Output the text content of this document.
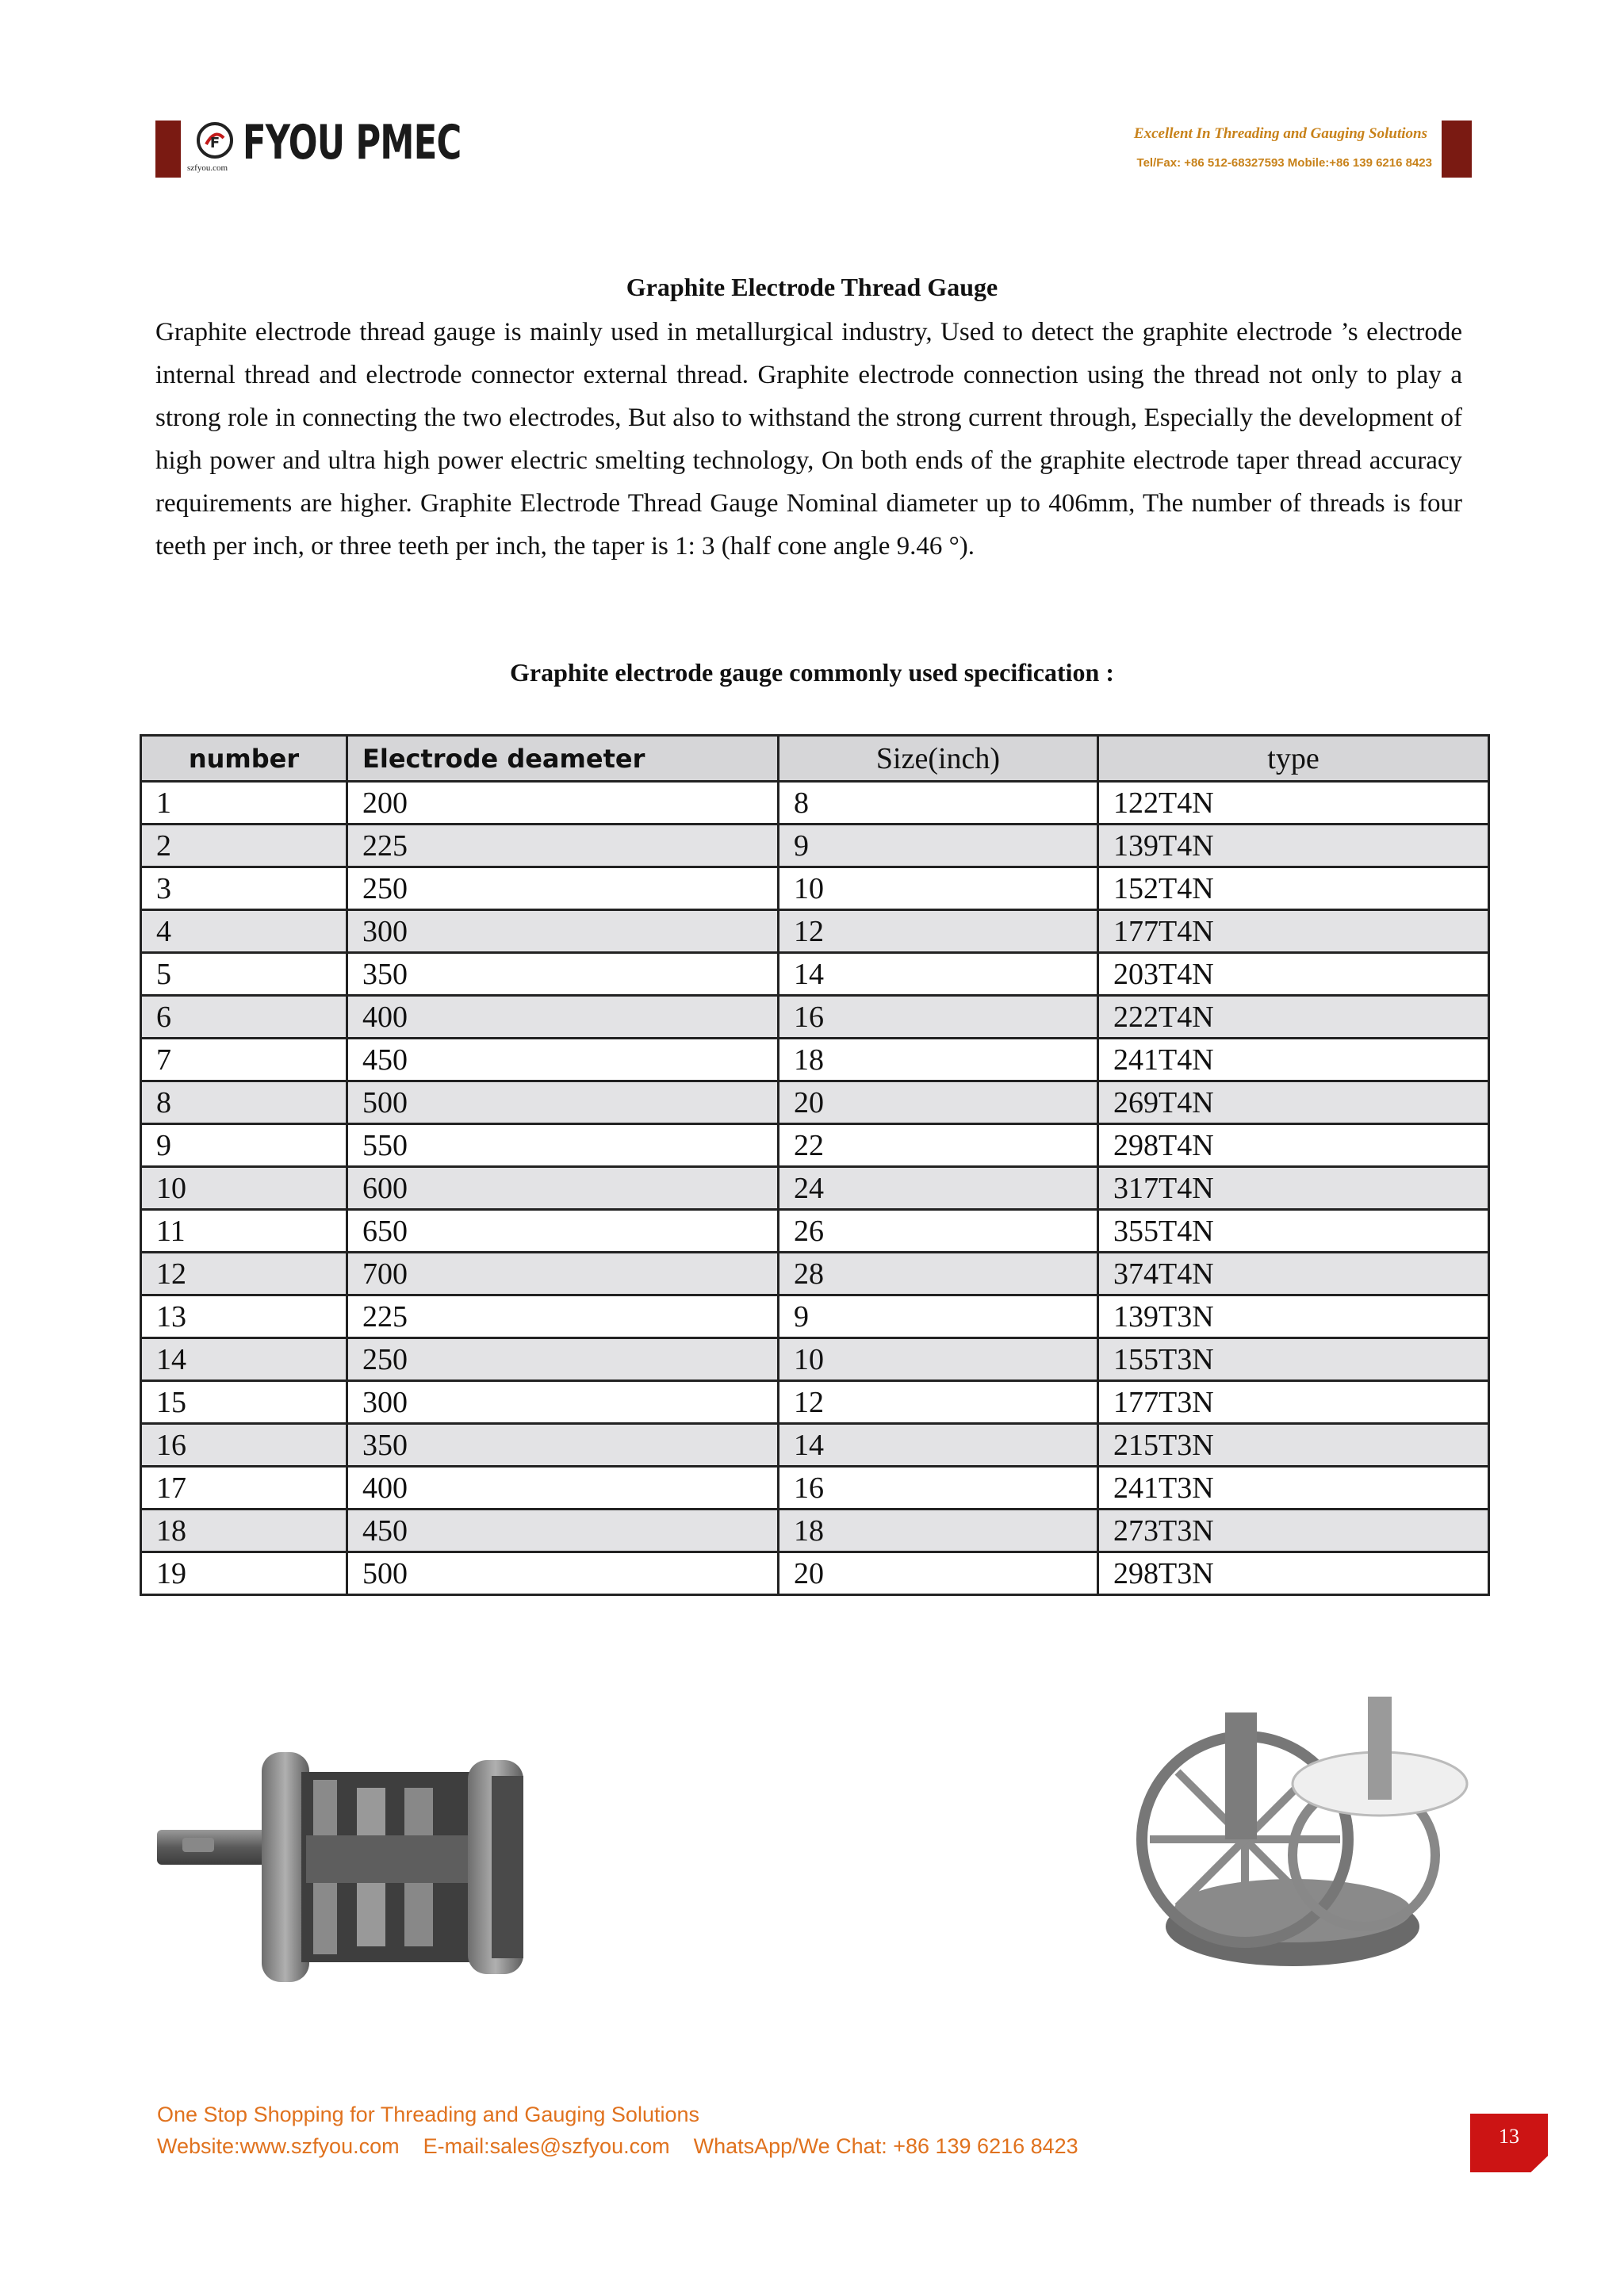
F
szfyou.com FYOU PMEC	Excellent In Threading and Gauging Solutions
Tel/Fax: +86 512-68327593 Mobile:+86 139 6216 8423
Graphite Electrode Thread Gauge
Graphite electrode thread gauge is mainly used in metallurgical industry, Used to detect the graphite electrode ’s electrode internal thread and electrode connector external thread. Graphite electrode connection using the thread not only to play a strong role in connecting the two electrodes, But also to withstand the strong current through, Especially the development of high power and ultra high power electric smelting technology, On both ends of the graphite electrode taper thread accuracy requirements are higher. Graphite Electrode Thread Gauge Nominal diameter up to 406mm, The number of threads is four teeth per inch, or three teeth per inch, the taper is 1: 3 (half cone angle 9.46 °).
Graphite electrode gauge commonly used specification :
number	Electrode deameter	Size(inch)	type
1	200	8	122T4N
2	225	9	139T4N
3	250	10	152T4N
4	300	12	177T4N
5	350	14	203T4N
6	400	16	222T4N
7	450	18	241T4N
8	500	20	269T4N
9	550	22	298T4N
10	600	24	317T4N
11	650	26	355T4N
12	700	28	374T4N
13	225	9	139T3N
14	250	10	155T3N
15	300	12	177T3N
16	350	14	215T3N
17	400	16	241T3N
18	450	18	273T3N
19	500	20	298T3N
One Stop Shopping for Threading and Gauging Solutions
Website:www.szfyou.com    E-mail:sales@szfyou.com    WhatsApp/We Chat: +86 139 6216 8423	13
